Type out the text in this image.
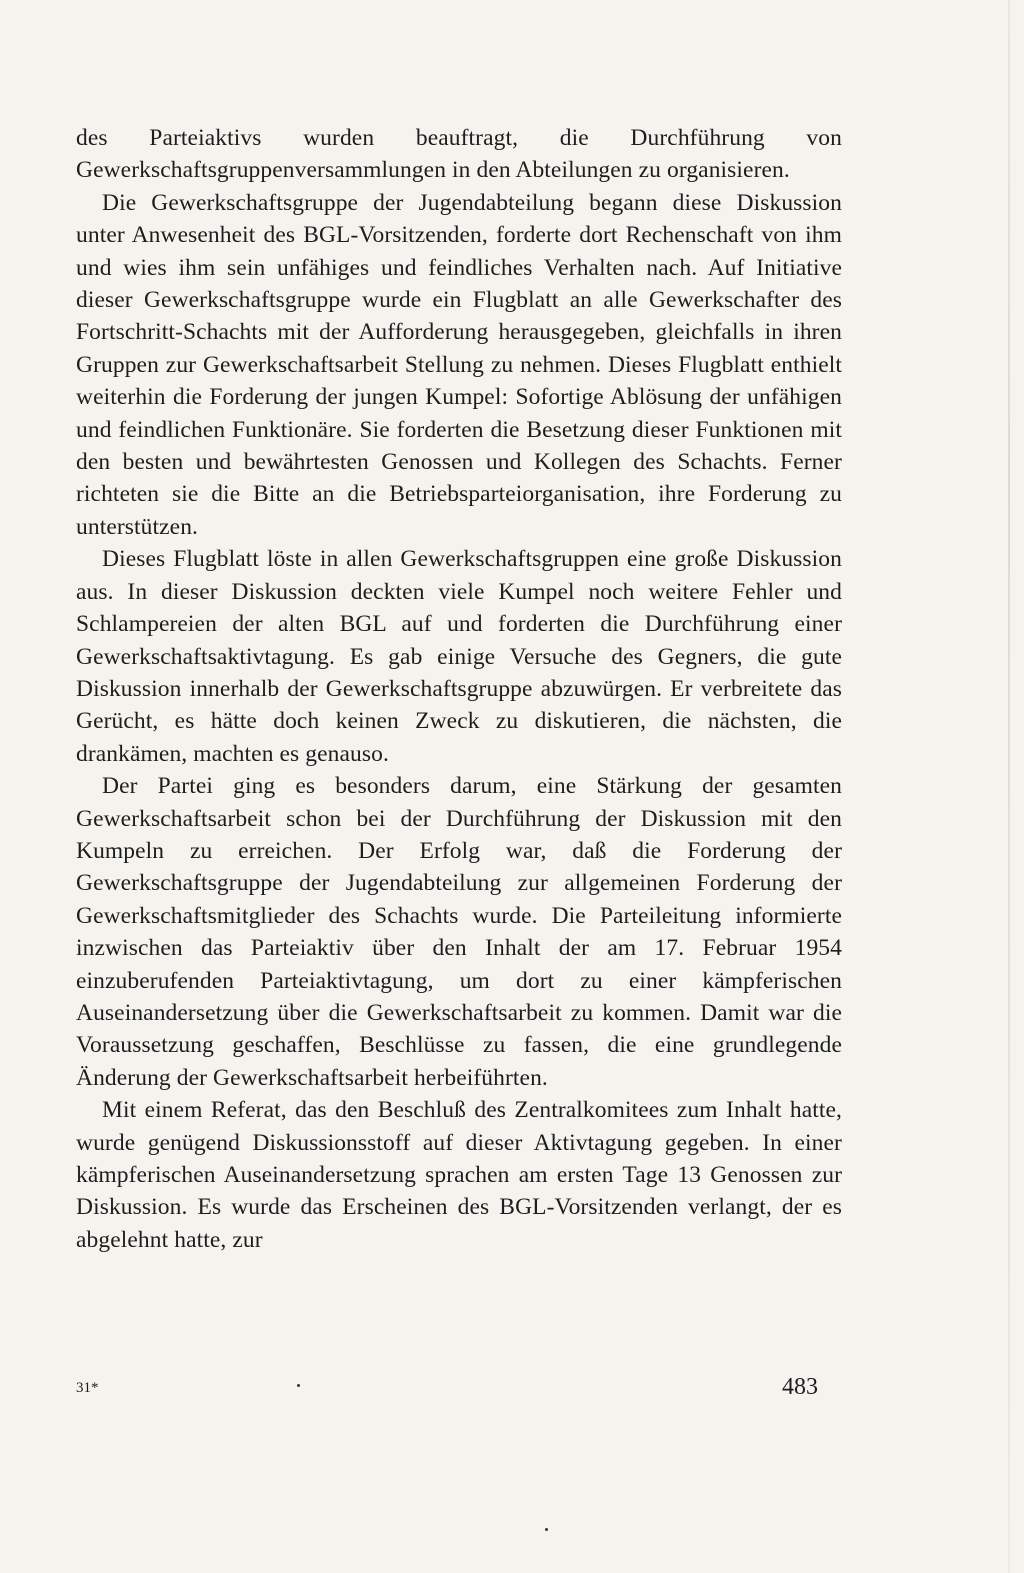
des Parteiaktivs wurden beauftragt, die Durchführung von Gewerkschaftsgruppenversammlungen in den Abteilungen zu organisieren.

Die Gewerkschaftsgruppe der Jugendabteilung begann diese Diskussion unter Anwesenheit des BGL-Vorsitzenden, forderte dort Rechenschaft von ihm und wies ihm sein unfähiges und feindliches Verhalten nach. Auf Initiative dieser Gewerkschaftsgruppe wurde ein Flugblatt an alle Gewerkschafter des Fortschritt-Schachts mit der Aufforderung herausgegeben, gleichfalls in ihren Gruppen zur Gewerkschaftsarbeit Stellung zu nehmen. Dieses Flugblatt enthielt weiterhin die Forderung der jungen Kumpel: Sofortige Ablösung der unfähigen und feindlichen Funktionäre. Sie forderten die Besetzung dieser Funktionen mit den besten und bewährtesten Genossen und Kollegen des Schachts. Ferner richteten sie die Bitte an die Betriebsparteiorganisation, ihre Forderung zu unterstützen.

Dieses Flugblatt löste in allen Gewerkschaftsgruppen eine große Diskussion aus. In dieser Diskussion deckten viele Kumpel noch weitere Fehler und Schlampereien der alten BGL auf und forderten die Durchführung einer Gewerkschaftsaktivtagung. Es gab einige Versuche des Gegners, die gute Diskussion innerhalb der Gewerkschaftsgruppe abzuwürgen. Er verbreitete das Gerücht, es hätte doch keinen Zweck zu diskutieren, die nächsten, die drankämen, machten es genauso.

Der Partei ging es besonders darum, eine Stärkung der gesamten Gewerkschaftsarbeit schon bei der Durchführung der Diskussion mit den Kumpeln zu erreichen. Der Erfolg war, daß die Forderung der Gewerkschaftsgruppe der Jugendabteilung zur allgemeinen Forderung der Gewerkschaftsmitglieder des Schachts wurde. Die Parteileitung informierte inzwischen das Parteiaktiv über den Inhalt der am 17. Februar 1954 einzuberufenden Parteiaktivtagung, um dort zu einer kämpferischen Auseinandersetzung über die Gewerkschaftsarbeit zu kommen. Damit war die Voraussetzung geschaffen, Beschlüsse zu fassen, die eine grundlegende Änderung der Gewerkschaftsarbeit herbeiführten.

Mit einem Referat, das den Beschluß des Zentralkomitees zum Inhalt hatte, wurde genügend Diskussionsstoff auf dieser Aktivtagung gegeben. In einer kämpferischen Auseinandersetzung sprachen am ersten Tage 13 Genossen zur Diskussion. Es wurde das Erscheinen des BGL-Vorsitzenden verlangt, der es abgelehnt hatte, zur

31*	483
